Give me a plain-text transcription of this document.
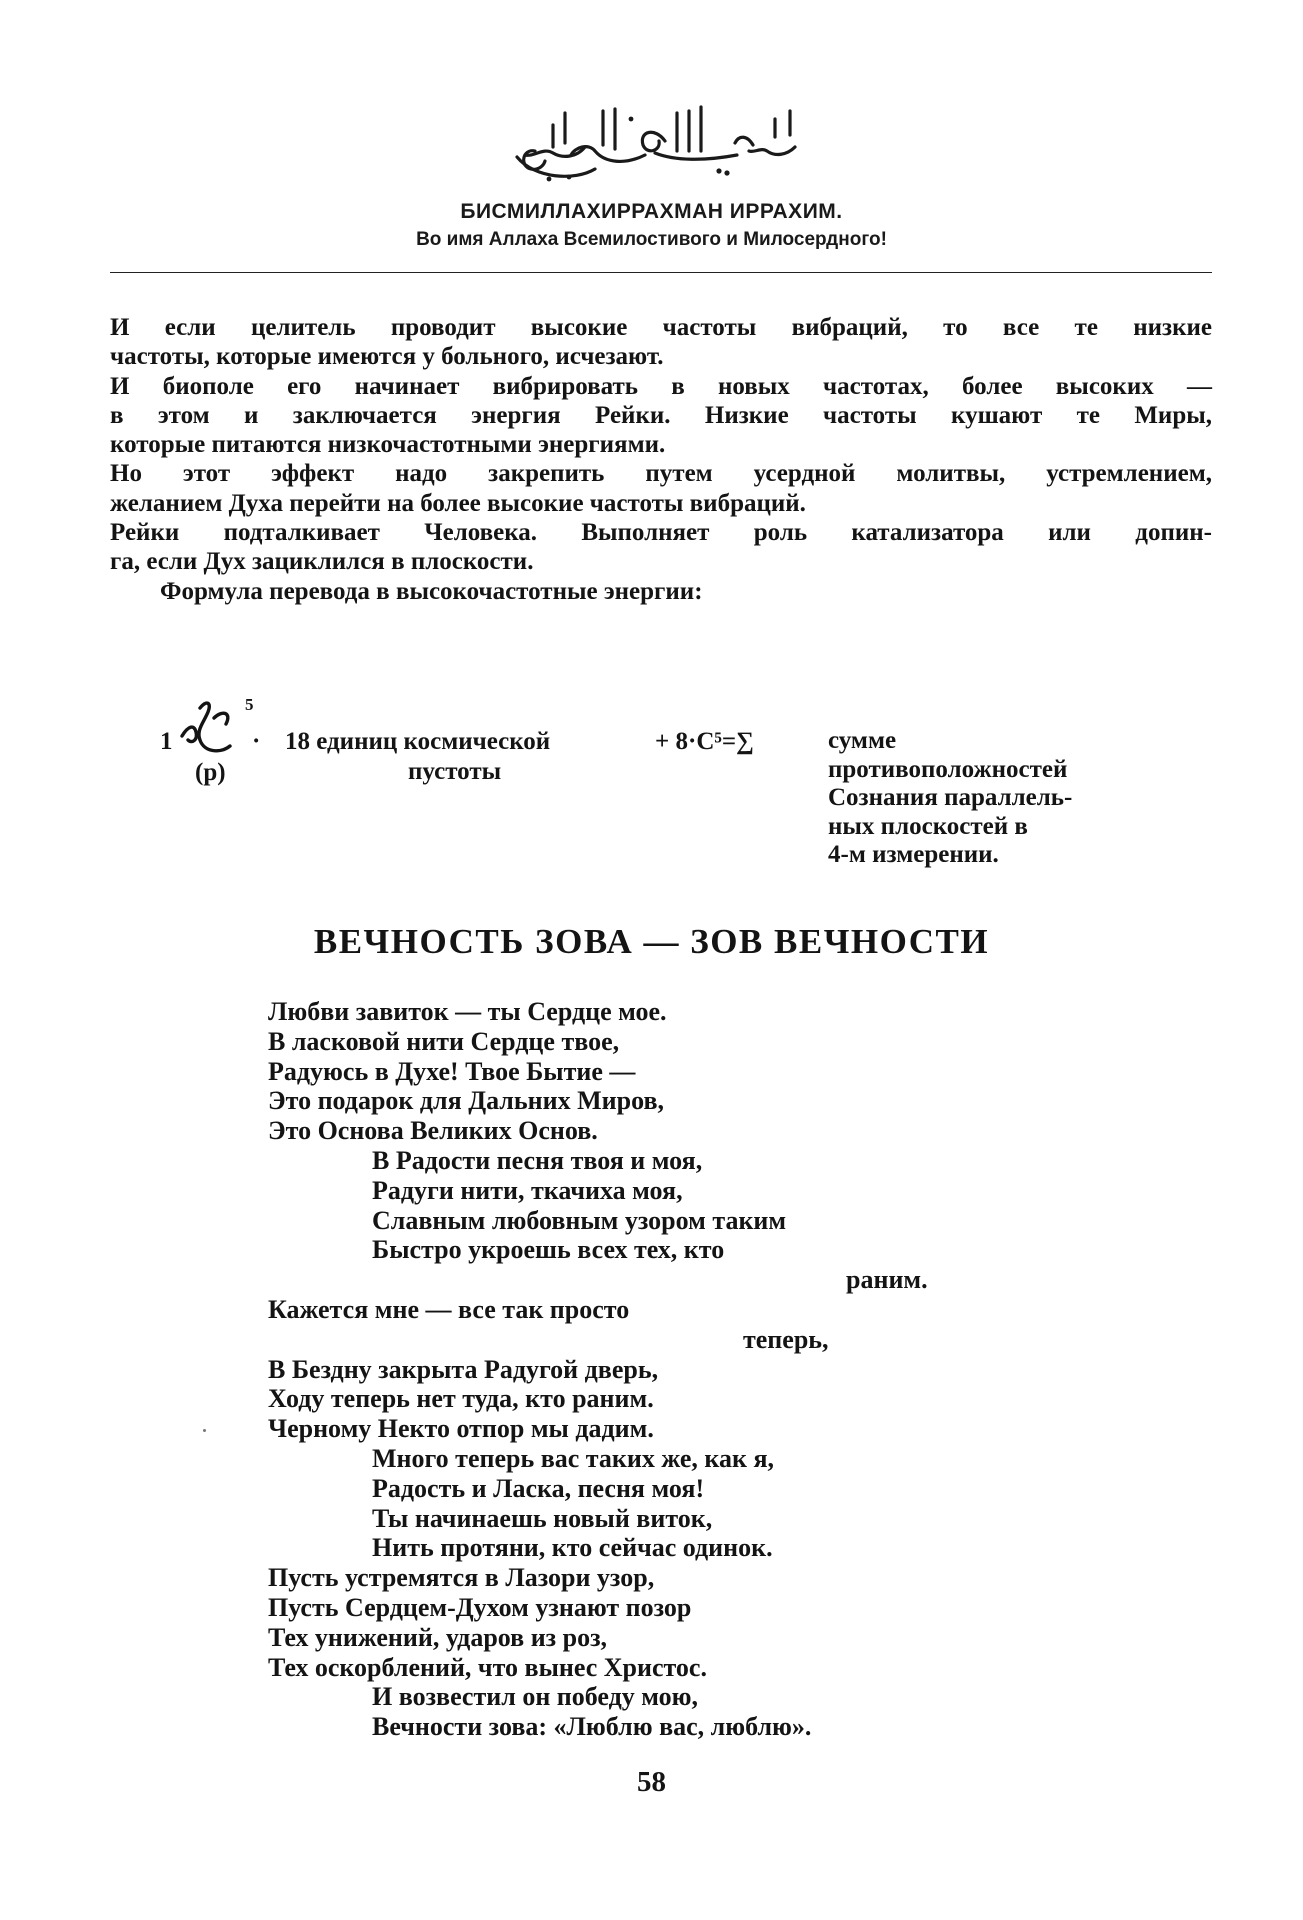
БИСМИЛЛАХИРРАХМАН ИРРАХИМ.
Во имя Аллаха Всемилостивого и Милосердного!

И если целитель проводит высокие частоты вибраций, то все те низкие

частоты, которые имеются у больного, исчезают.

И биополе его начинает вибрировать в новых частотах, более высоких —

в этом и заключается энергия Рейки. Низкие частоты кушают те Миры,

которые питаются низкочастотными энергиями.

Но этот эффект надо закрепить путем усердной молитвы, устремлением,

желанием Духа перейти на более высокие частоты вибраций.

Рейки подталкивает Человека. Выполняет роль катализатора или допин-

га, если Дух зациклился в плоскости.

Формула перевода в высокочастотные энергии:

1
5
(р)
· 18 единиц космической
пустоты
+ 8·C⁵=∑	сумме
противоположностей
Сознания параллель-
ных плоскостей в
4-м измерении.
ВЕЧНОСТЬ ЗОВА — ЗОВ ВЕЧНОСТИ
Любви завиток — ты Сердце мое.
В ласковой нити Сердце твое,
Радуюсь в Духе! Твое Бытие —
Это подарок для Дальних Миров,
Это Основа Великих Основ.
В Радости песня твоя и моя,
Радуги нити, ткачиха моя,
Славным любовным узором таким
Быстро укроешь всех тех, кто
раним.
Кажется мне — все так просто
теперь,
В Бездну закрыта Радугой дверь,
Ходу теперь нет туда, кто раним.
Черному Некто отпор мы дадим.
Много теперь вас таких же, как я,
Радость и Ласка, песня моя!
Ты начинаешь новый виток,
Нить протяни, кто сейчас одинок.
Пусть устремятся в Лазори узор,
Пусть Сердцем-Духом узнают позор
Тех унижений, ударов из роз,
Тех оскорблений, что вынес Христос.
И возвестил он победу мою,
Вечности зова: «Люблю вас, люблю».
58
